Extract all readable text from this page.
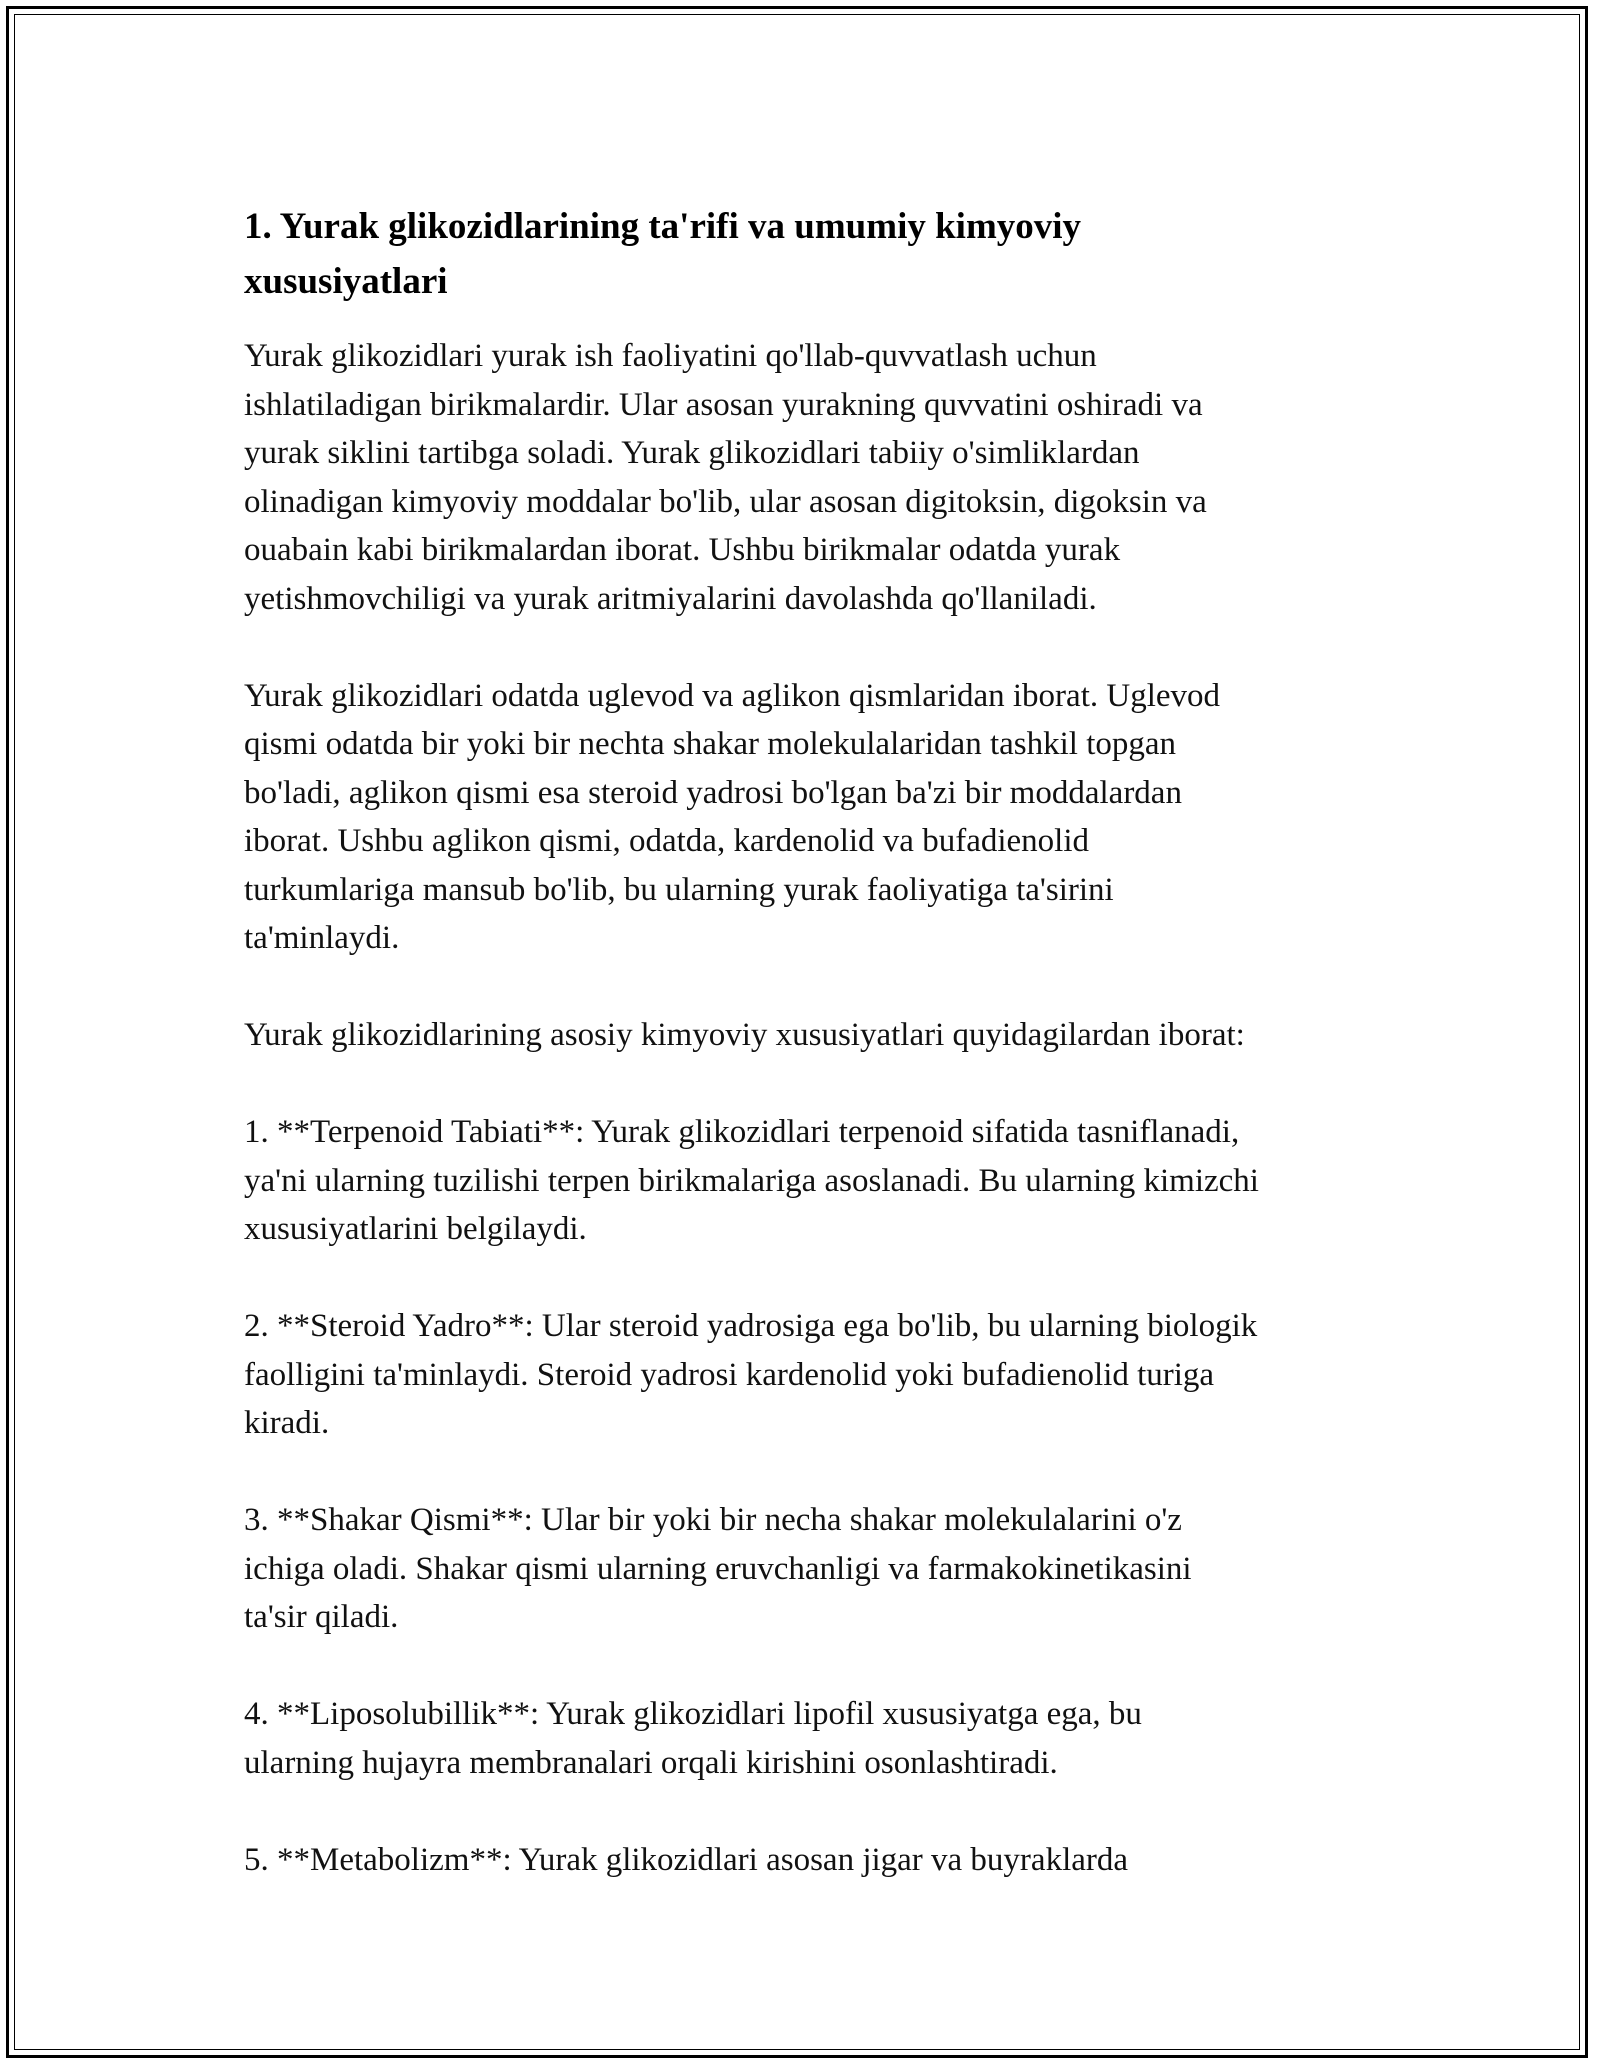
1. Yurak glikozidlarining ta'rifi va umumiy kimyoviy
xususiyatlari

Yurak glikozidlari yurak ish faoliyatini qo'llab-quvvatlash uchun
ishlatiladigan birikmalardir. Ular asosan yurakning quvvatini oshiradi va
yurak siklini tartibga soladi. Yurak glikozidlari tabiiy o'simliklardan
olinadigan kimyoviy moddalar bo'lib, ular asosan digitoksin, digoksin va
ouabain kabi birikmalardan iborat. Ushbu birikmalar odatda yurak
yetishmovchiligi va yurak aritmiyalarini davolashda qo'llaniladi.

Yurak glikozidlari odatda uglevod va aglikon qismlaridan iborat. Uglevod
qismi odatda bir yoki bir nechta shakar molekulalaridan tashkil topgan
bo'ladi, aglikon qismi esa steroid yadrosi bo'lgan ba'zi bir moddalardan
iborat. Ushbu aglikon qismi, odatda, kardenolid va bufadienolid
turkumlariga mansub bo'lib, bu ularning yurak faoliyatiga ta'sirini
ta'minlaydi.

Yurak glikozidlarining asosiy kimyoviy xususiyatlari quyidagilardan iborat:

1. **Terpenoid Tabiati**: Yurak glikozidlari terpenoid sifatida tasniflanadi,
ya'ni ularning tuzilishi terpen birikmalariga asoslanadi. Bu ularning kimizchi
xususiyatlarini belgilaydi.

2. **Steroid Yadro**: Ular steroid yadrosiga ega bo'lib, bu ularning biologik
faolligini ta'minlaydi. Steroid yadrosi kardenolid yoki bufadienolid turiga
kiradi.

3. **Shakar Qismi**: Ular bir yoki bir necha shakar molekulalarini o'z
ichiga oladi. Shakar qismi ularning eruvchanligi va farmakokinetikasini
ta'sir qiladi.

4. **Liposolubillik**: Yurak glikozidlari lipofil xususiyatga ega, bu
ularning hujayra membranalari orqali kirishini osonlashtiradi.

5. **Metabolizm**: Yurak glikozidlari asosan jigar va buyraklarda
